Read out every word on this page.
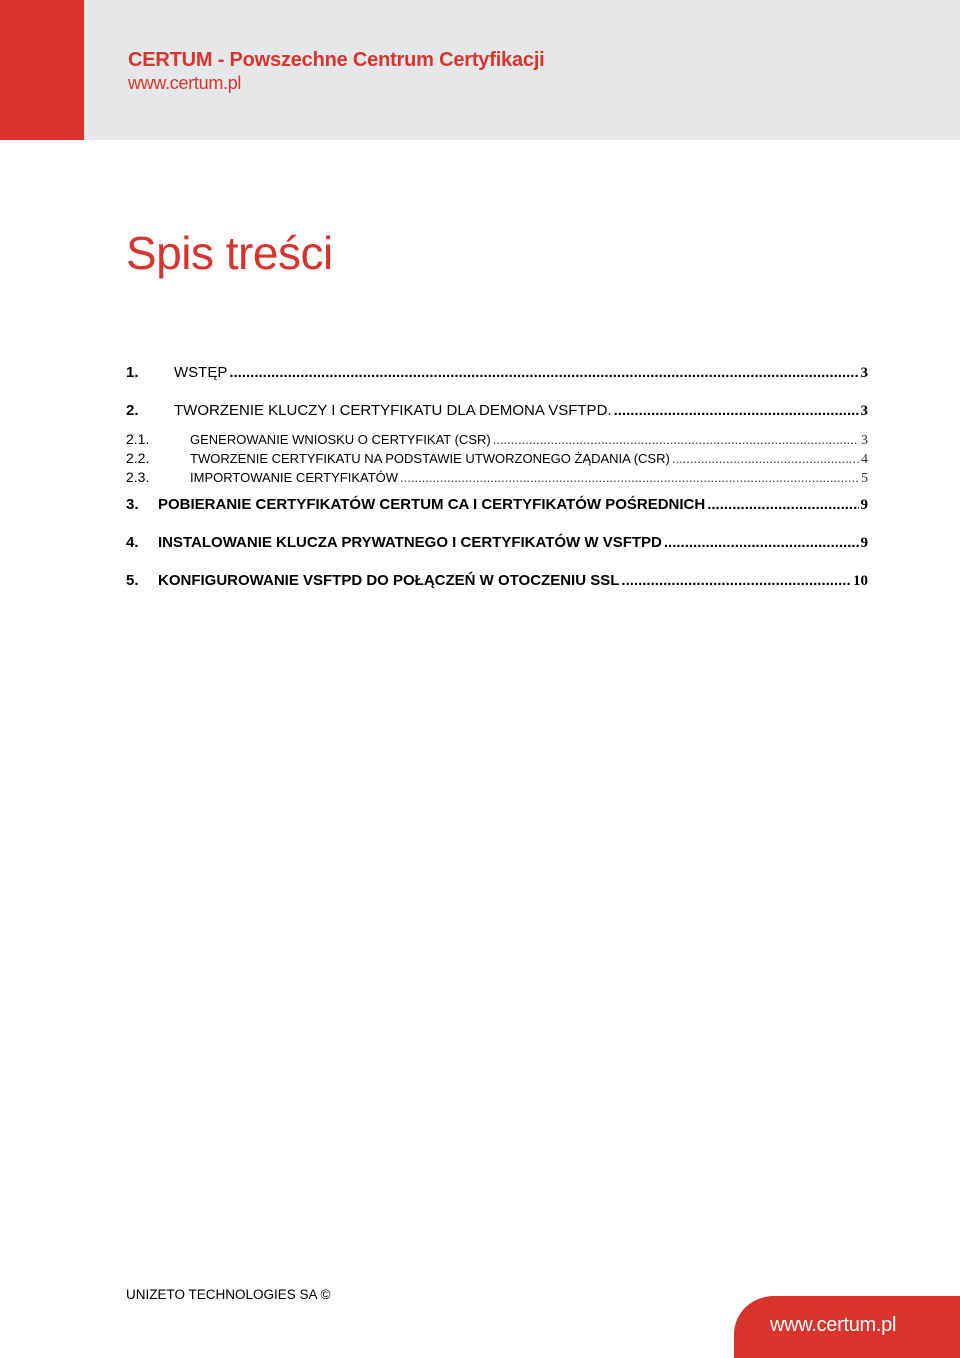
CERTUM - Powszechne Centrum Certyfikacji
www.certum.pl
Spis treści
1.	WSTĘP .....	3
2.	TWORZENIE KLUCZY I CERTYFIKATU DLA DEMONA VSFTPD. .....	3
2.1.	GENEROWANIE WNIOSKU O CERTYFIKAT (CSR) .....	3
2.2.	TWORZENIE CERTYFIKATU NA PODSTAWIE UTWORZONEGO ŻĄDANIA (CSR) .....	4
2.3.	IMPORTOWANIE CERTYFIKATÓW .....	5
3.	POBIERANIE CERTYFIKATÓW CERTUM CA I CERTYFIKATÓW POŚREDNICH .....	9
4.	INSTALOWANIE KLUCZA PRYWATNEGO I CERTYFIKATÓW W VSFTPD .....	9
5.	KONFIGUROWANIE VSFTPD DO POŁĄCZEŃ W OTOCZENIU SSL .....	10
UNIZETO TECHNOLOGIES SA ©
www.certum.pl
